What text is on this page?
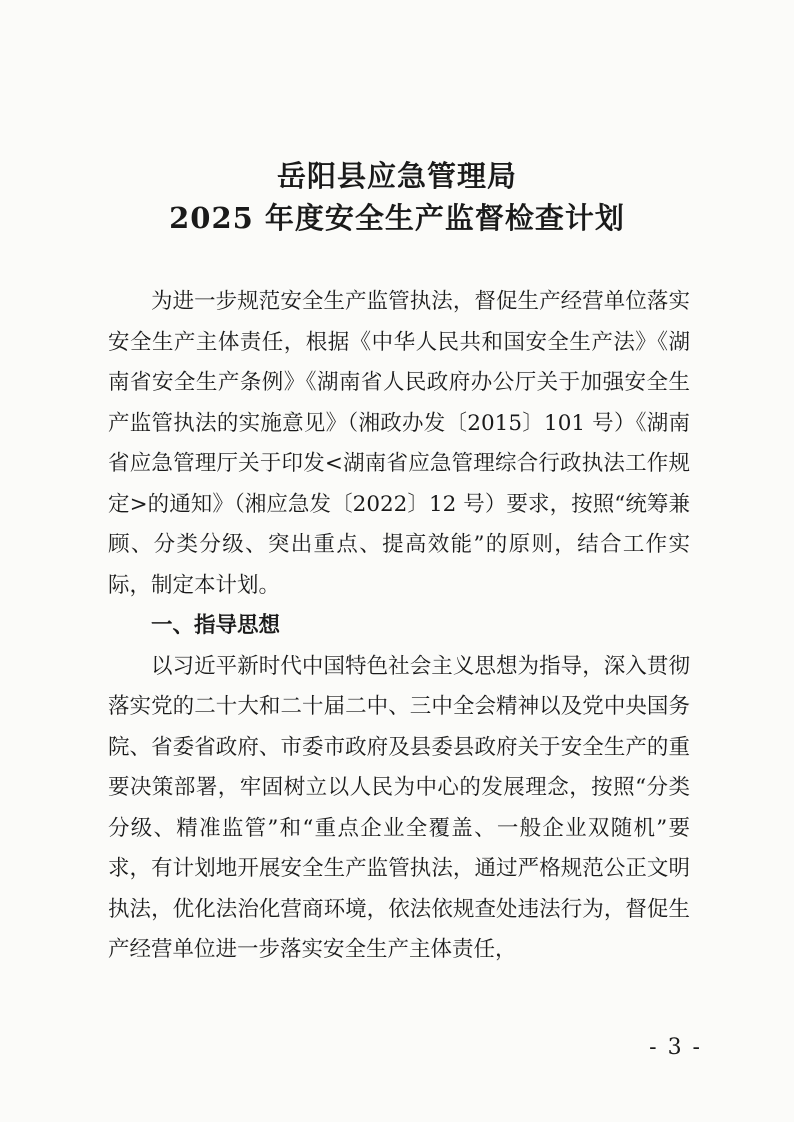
岳阳县应急管理局
2025 年度安全生产监督检查计划

为进一步规范安全生产监管执法，督促生产经营单位落实安全生产主体责任，根据《中华人民共和国安全生产法》《湖南省安全生产条例》《湖南省人民政府办公厅关于加强安全生产监管执法的实施意见》（湘政办发〔2015〕101 号）《湖南省应急管理厅关于印发<湖南省应急管理综合行政执法工作规定>的通知》（湘应急发〔2022〕12 号）要求，按照“统筹兼顾、分类分级、突出重点、提高效能”的原则，结合工作实际，制定本计划。

一、指导思想

以习近平新时代中国特色社会主义思想为指导，深入贯彻落实党的二十大和二十届二中、三中全会精神以及党中央国务院、省委省政府、市委市政府及县委县政府关于安全生产的重要决策部署，牢固树立以人民为中心的发展理念，按照“分类分级、精准监管”和“重点企业全覆盖、一般企业双随机”要求，有计划地开展安全生产监管执法，通过严格规范公正文明执法，优化法治化营商环境，依法依规查处违法行为，督促生产经营单位进一步落实安全生产主体责任，

- 3 -
